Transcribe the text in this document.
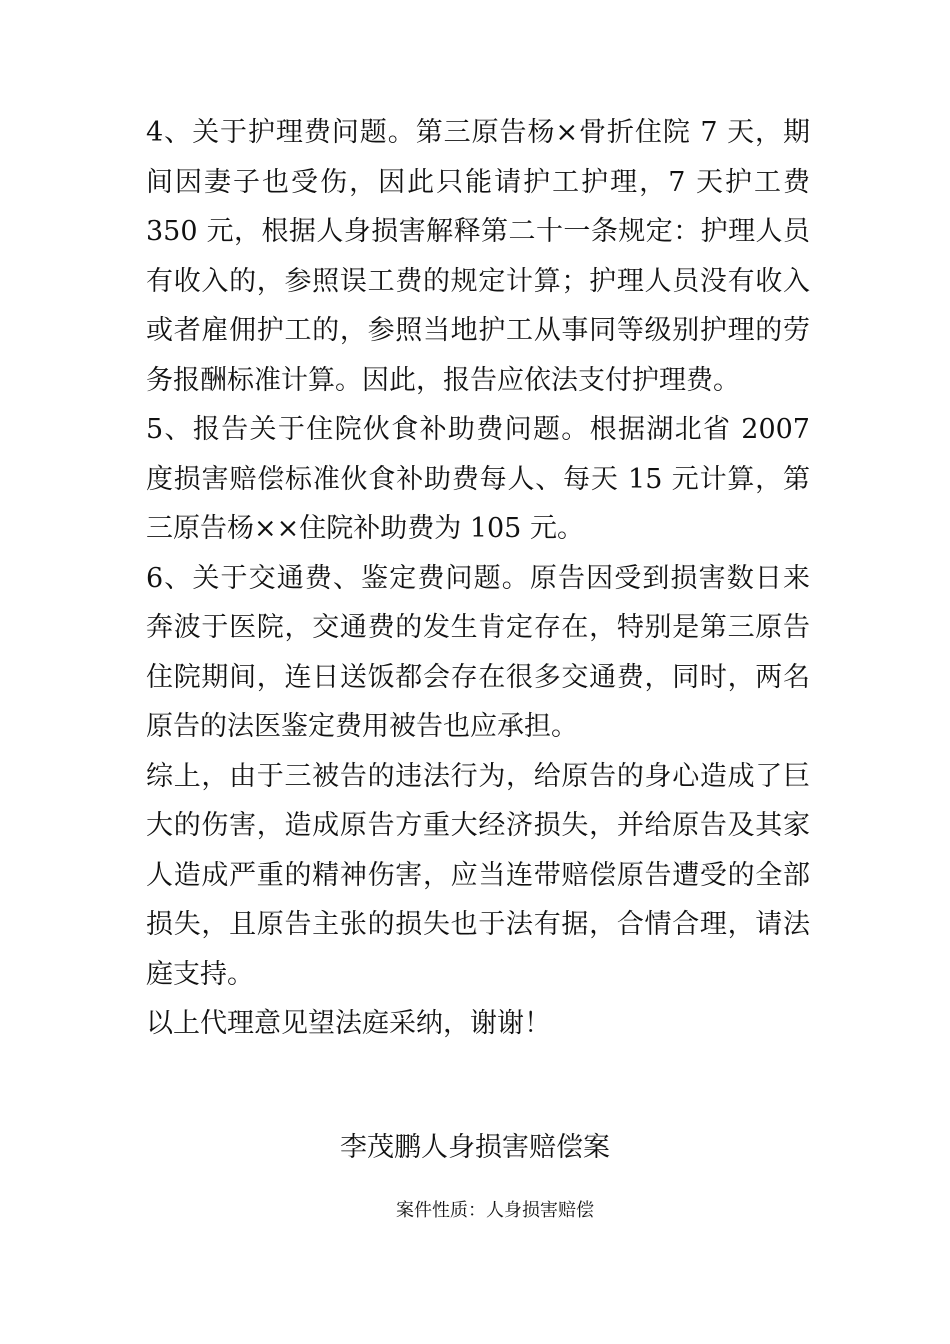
4、关于护理费问题。第三原告杨×骨折住院 7 天，期间因妻子也受伤，因此只能请护工护理，7 天护工费 350 元，根据人身损害解释第二十一条规定：护理人员有收入的，参照误工费的规定计算；护理人员没有收入或者雇佣护工的，参照当地护工从事同等级别护理的劳务报酬标准计算。因此，报告应依法支付护理费。

5、报告关于住院伙食补助费问题。根据湖北省 2007 度损害赔偿标准伙食补助费每人、每天 15 元计算，第三原告杨××住院补助费为 105 元。

6、关于交通费、鉴定费问题。原告因受到损害数日来奔波于医院，交通费的发生肯定存在，特别是第三原告住院期间，连日送饭都会存在很多交通费，同时，两名原告的法医鉴定费用被告也应承担。

综上，由于三被告的违法行为，给原告的身心造成了巨大的伤害，造成原告方重大经济损失，并给原告及其家人造成严重的精神伤害，应当连带赔偿原告遭受的全部损失，且原告主张的损失也于法有据，合情合理，请法庭支持。

以上代理意见望法庭采纳，谢谢！

李茂鹏人身损害赔偿案
案件性质：人身损害赔偿
